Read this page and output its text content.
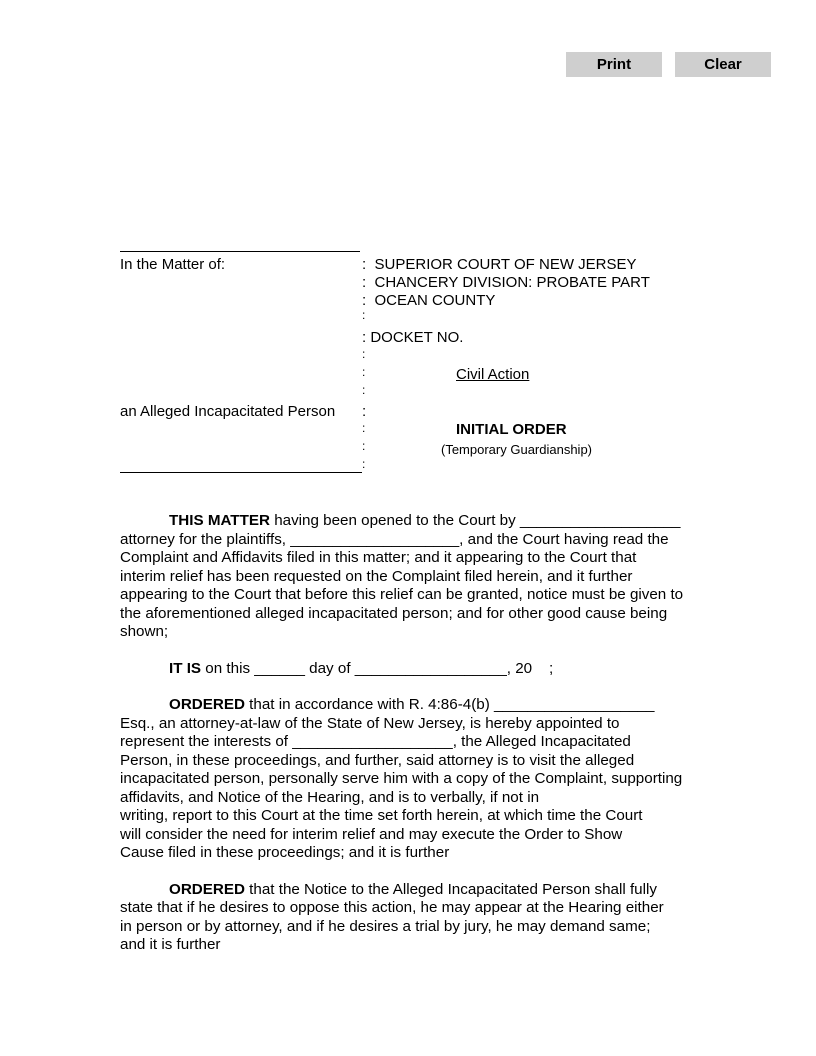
Print	Clear
In the Matter of:	:  SUPERIOR COURT OF NEW JERSEY
:  CHANCERY DIVISION: PROBATE PART
:  OCEAN COUNTY
:
: DOCKET NO.
:
:	Civil Action
:
an Alleged Incapacitated Person :
INITIAL ORDER
:
(Temporary Guardianship)
:
:
THIS MATTER having been opened to the Court by ___________________
attorney for the plaintiffs, ____________________, and the Court having read the
Complaint and Affidavits filed in this matter; and it appearing to the Court that
interim relief has been requested on the Complaint filed herein, and it further
appearing to the Court that before this relief can be granted, notice must be given to
the aforementioned alleged incapacitated person; and for other good cause being
shown;
IT IS on this ______ day of __________________, 20    ;
ORDERED that in accordance with R. 4:86-4(b) ___________________
Esq., an attorney-at-law of the State of New Jersey, is hereby appointed to
represent the interests of ___________________, the Alleged Incapacitated
Person, in these proceedings, and further, said attorney is to visit the alleged
incapacitated person, personally serve him with a copy of the Complaint, supporting
affidavits, and Notice of the Hearing, and is to verbally, if not in
writing, report to this Court at the time set forth herein, at which time the Court
will consider the need for interim relief and may execute the Order to Show
Cause filed in these proceedings; and it is further
ORDERED that the Notice to the Alleged Incapacitated Person shall fully
state that if he desires to oppose this action, he may appear at the Hearing either
in person or by attorney, and if he desires a trial by jury, he may demand same;
and it is further
